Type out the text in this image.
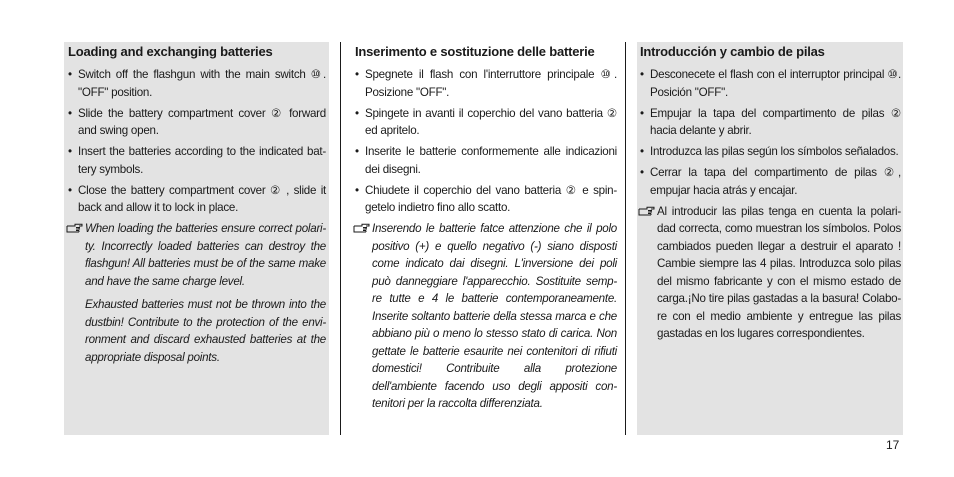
Loading and exchanging batteries
• Switch off the flashgun with the main switch ⑩. "OFF" position.
• Slide the battery compartment cover ② forward and swing open.
• Insert the batteries according to the indicated bat-tery symbols.
• Close the battery compartment cover ② , slide it back and allow it to lock in place.

When loading the batteries ensure correct polari-ty. Incorrectly loaded batteries can destroy the flashgun! All batteries must be of the same make and have the same charge level.

Exhausted batteries must not be thrown into the dustbin! Contribute to the protection of the envi-ronment and discard exhausted batteries at the appropriate disposal points.

Inserimento e sostituzione delle batterie
• Spegnete il flash con l'interruttore principale ⑩. Posizione "OFF".
• Spingete in avanti il coperchio del vano batteria ② ed apritelo.
• Inserite le batterie conformemente alle indicazioni dei disegni.
• Chiudete il coperchio del vano batteria ② e spin-getelo indietro fino allo scatto.

Inserendo le batterie fatce attenzione che il polo positivo (+) e quello negativo (-) siano disposti come indicato dai disegni. L'inversione dei poli può danneggiare l'apparecchio. Sostituite semp-re tutte e 4 le batterie contemporaneamente. Inserite soltanto batterie della stessa marca e che abbiano più o meno lo stesso stato di carica. Non gettate le batterie esaurite nei contenitori di rifiuti domestici! Contribuite alla protezione dell'ambiente facendo uso degli appositi con-tenitori per la raccolta differenziata.

Introducción y cambio de pilas
• Desconecete el flash con el interruptor principal ⑩. Posición "OFF".
• Empujar la tapa del compartimento de pilas ② hacia delante y abrir.
• Introduzca las pilas según los símbolos señalados.
• Cerrar la tapa del compartimento de pilas ②, empujar hacia atrás y encajar.

Al introducir las pilas tenga en cuenta la polari-dad correcta, como muestran los símbolos. Polos cambiados pueden llegar a destruir el aparato ! Cambie siempre las 4 pilas. Introduzca solo pilas del mismo fabricante y con el mismo estado de carga.¡No tire pilas gastadas a la basura! Colabo-re con el medio ambiente y entregue las pilas gastadas en los lugares correspondientes.

17
